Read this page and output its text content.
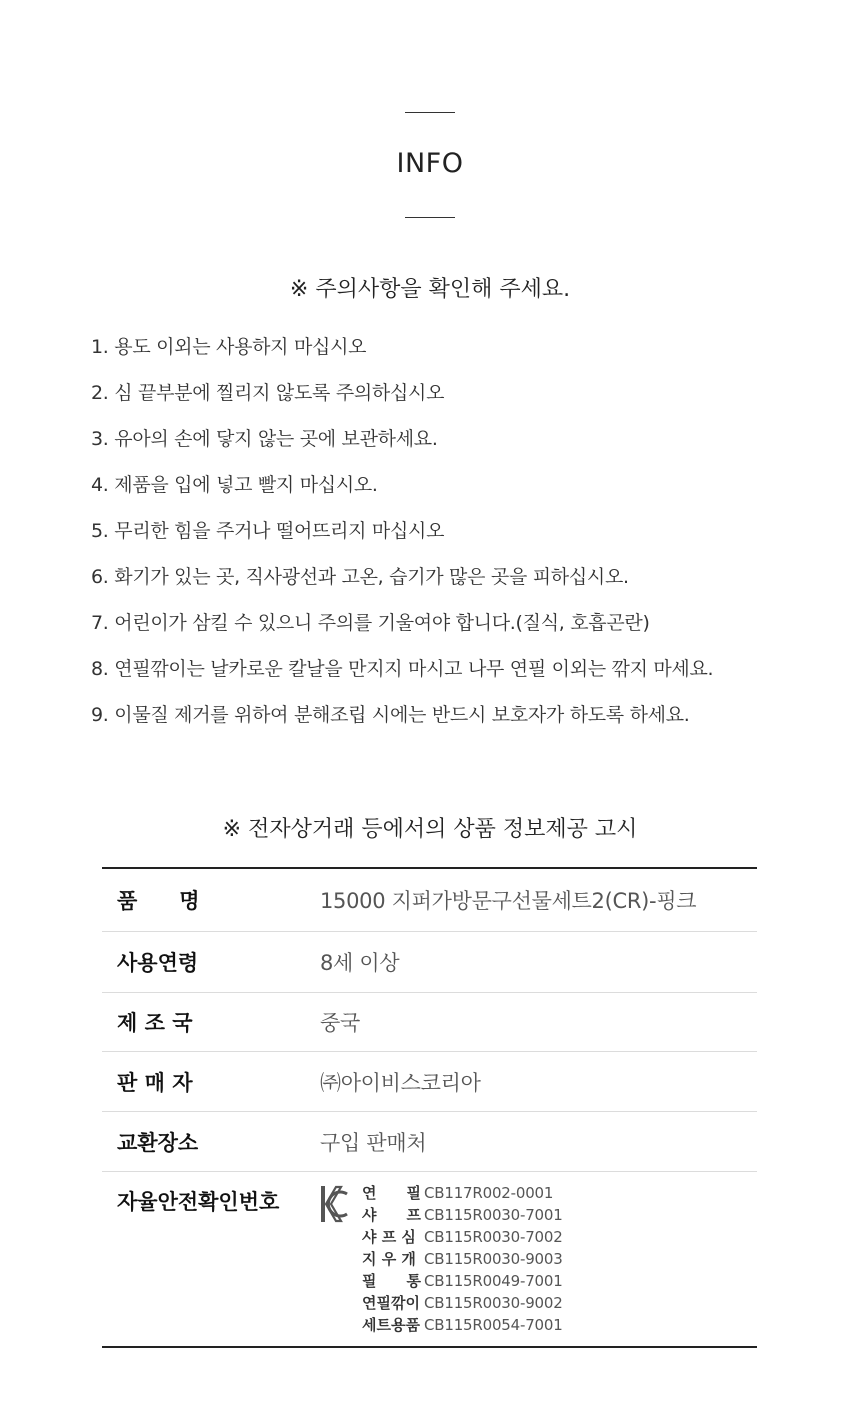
INFO
※ 주의사항을 확인해 주세요.
1. 용도 이외는 사용하지 마십시오
2. 심 끝부분에 찔리지 않도록 주의하십시오
3. 유아의 손에 닿지 않는 곳에 보관하세요.
4. 제품을 입에 넣고 빨지 마십시오.
5. 무리한 힘을 주거나 떨어뜨리지 마십시오
6. 화기가 있는 곳, 직사광선과 고온, 습기가 많은 곳을 피하십시오.
7. 어린이가 삼킬 수 있으니 주의를 기울여야 합니다.(질식, 호흡곤란)
8. 연필깎이는 날카로운 칼날을 만지지 마시고 나무 연필 이외는 깎지 마세요.
9. 이물질 제거를 위하여 분해조립 시에는 반드시 보호자가 하도록 하세요.
※ 전자상거래 등에서의 상품 정보제공 고시
품　　명	15000 지퍼가방문구선물세트2(CR)-핑크
사용연령	8세 이상
제 조 국	중국
판 매 자	㈜아이비스코리아
교환장소	구입 판매처
자율안전확인번호	연　　필 CB117R002-0001
샤　　프 CB115R0030-7001
샤 프 심 CB115R0030-7002
지 우 개 CB115R0030-9003
필　　통 CB115R0049-7001
연필깎이 CB115R0030-9002
세트용품 CB115R0054-7001
